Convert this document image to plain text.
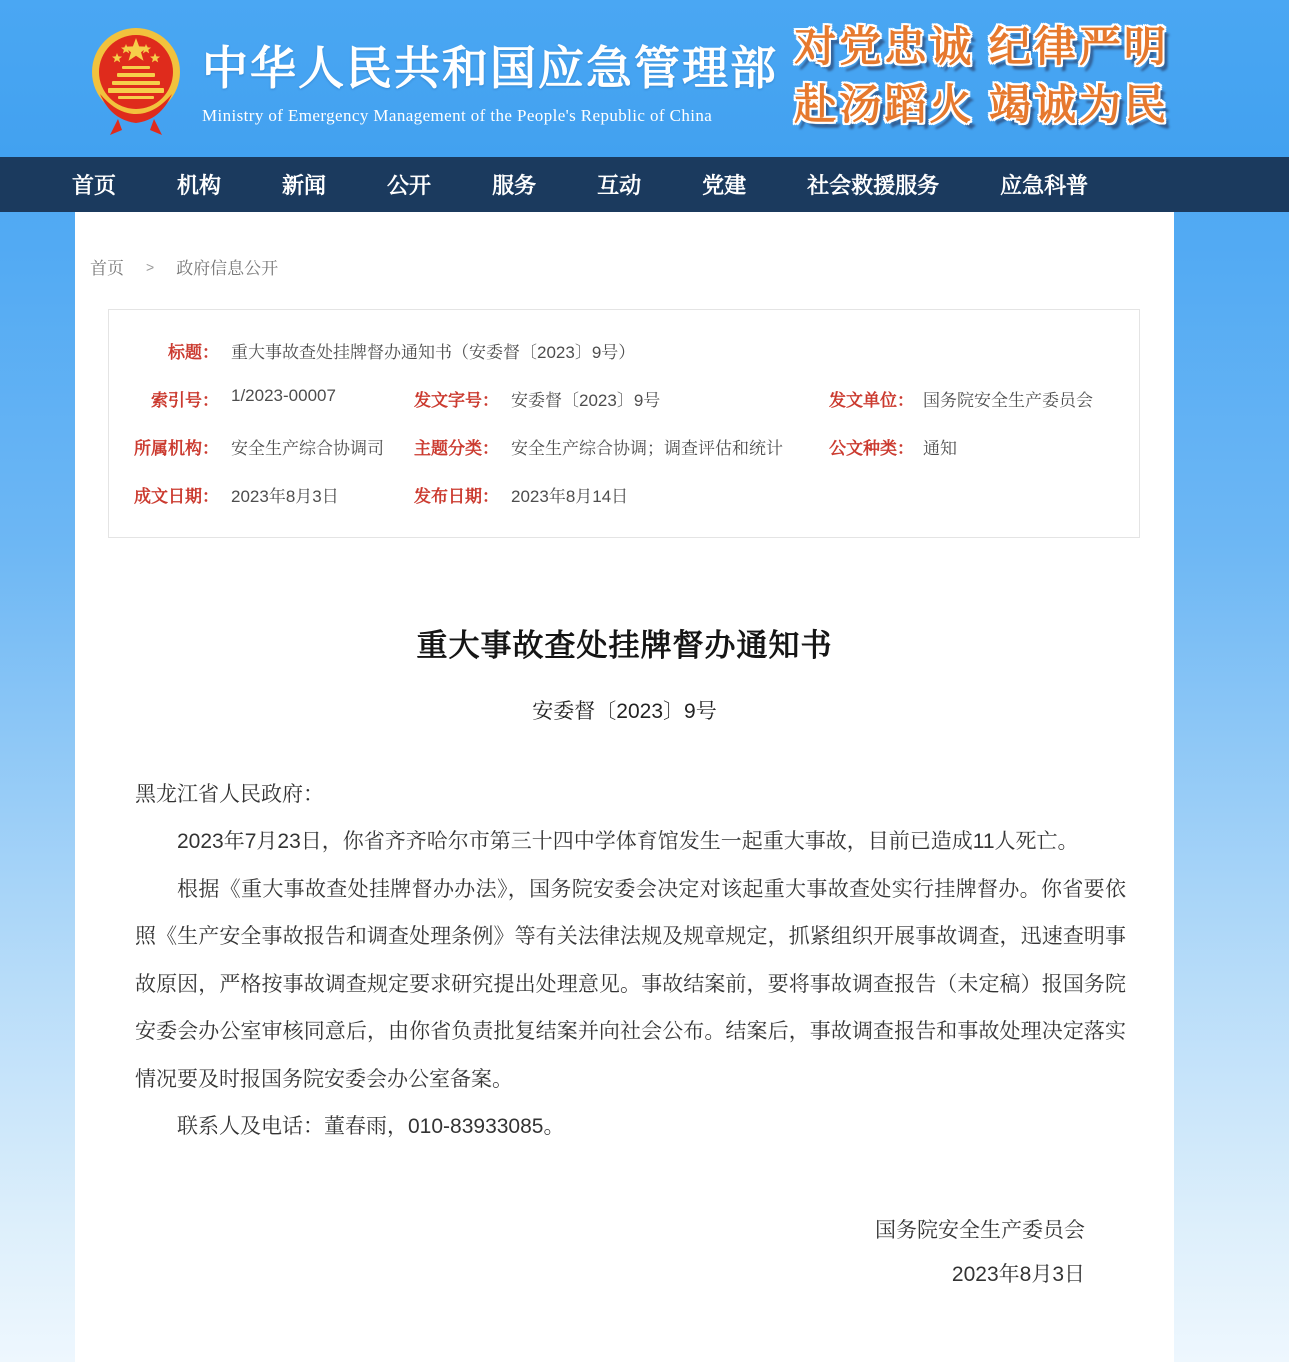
中华人民共和国应急管理部
Ministry of Emergency Management of the People's Republic of China
对党忠诚 纪律严明
赴汤蹈火 竭诚为民
首页	机构	新闻	公开	服务	互动	党建	社会救援服务	应急科普
首页 > 政府信息公开
标题： 重大事故查处挂牌督办通知书（安委督〔2023〕9号）
索引号： 1/2023-00007	发文字号： 安委督〔2023〕9号	发文单位： 国务院安全生产委员会
所属机构： 安全生产综合协调司	主题分类： 安全生产综合协调；调查评估和统计	公文种类： 通知
成文日期： 2023年8月3日	发布日期： 2023年8月14日
重大事故查处挂牌督办通知书
安委督〔2023〕9号

黑龙江省人民政府：

2023年7月23日，你省齐齐哈尔市第三十四中学体育馆发生一起重大事故，目前已造成11人死亡。

根据《重大事故查处挂牌督办办法》，国务院安委会决定对该起重大事故查处实行挂牌督办。你省要依照《生产安全事故报告和调查处理条例》等有关法律法规及规章规定，抓紧组织开展事故调查，迅速查明事故原因，严格按事故调查规定要求研究提出处理意见。事故结案前，要将事故调查报告（未定稿）报国务院安委会办公室审核同意后，由你省负责批复结案并向社会公布。结案后，事故调查报告和事故处理决定落实情况要及时报国务院安委会办公室备案。

联系人及电话：董春雨，010-83933085。

国务院安全生产委员会
2023年8月3日
